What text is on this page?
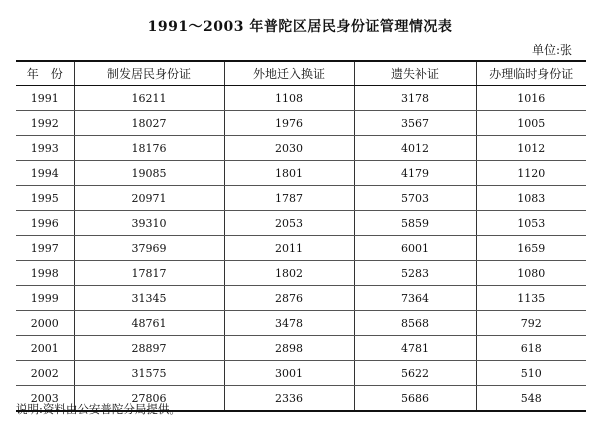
1991～2003 年普陀区居民身份证管理情况表
单位:张
年　份	制发居民身份证	外地迁入换证	遗失补证	办理临时身份证
1991	16211	1108	3178	1016
1992	18027	1976	3567	1005
1993	18176	2030	4012	1012
1994	19085	1801	4179	1120
1995	20971	1787	5703	1083
1996	39310	2053	5859	1053
1997	37969	2011	6001	1659
1998	17817	1802	5283	1080
1999	31345	2876	7364	1135
2000	48761	3478	8568	792
2001	28897	2898	4781	618
2002	31575	3001	5622	510
2003	27806	2336	5686	548
说明:资料由公安普陀分局提供。
